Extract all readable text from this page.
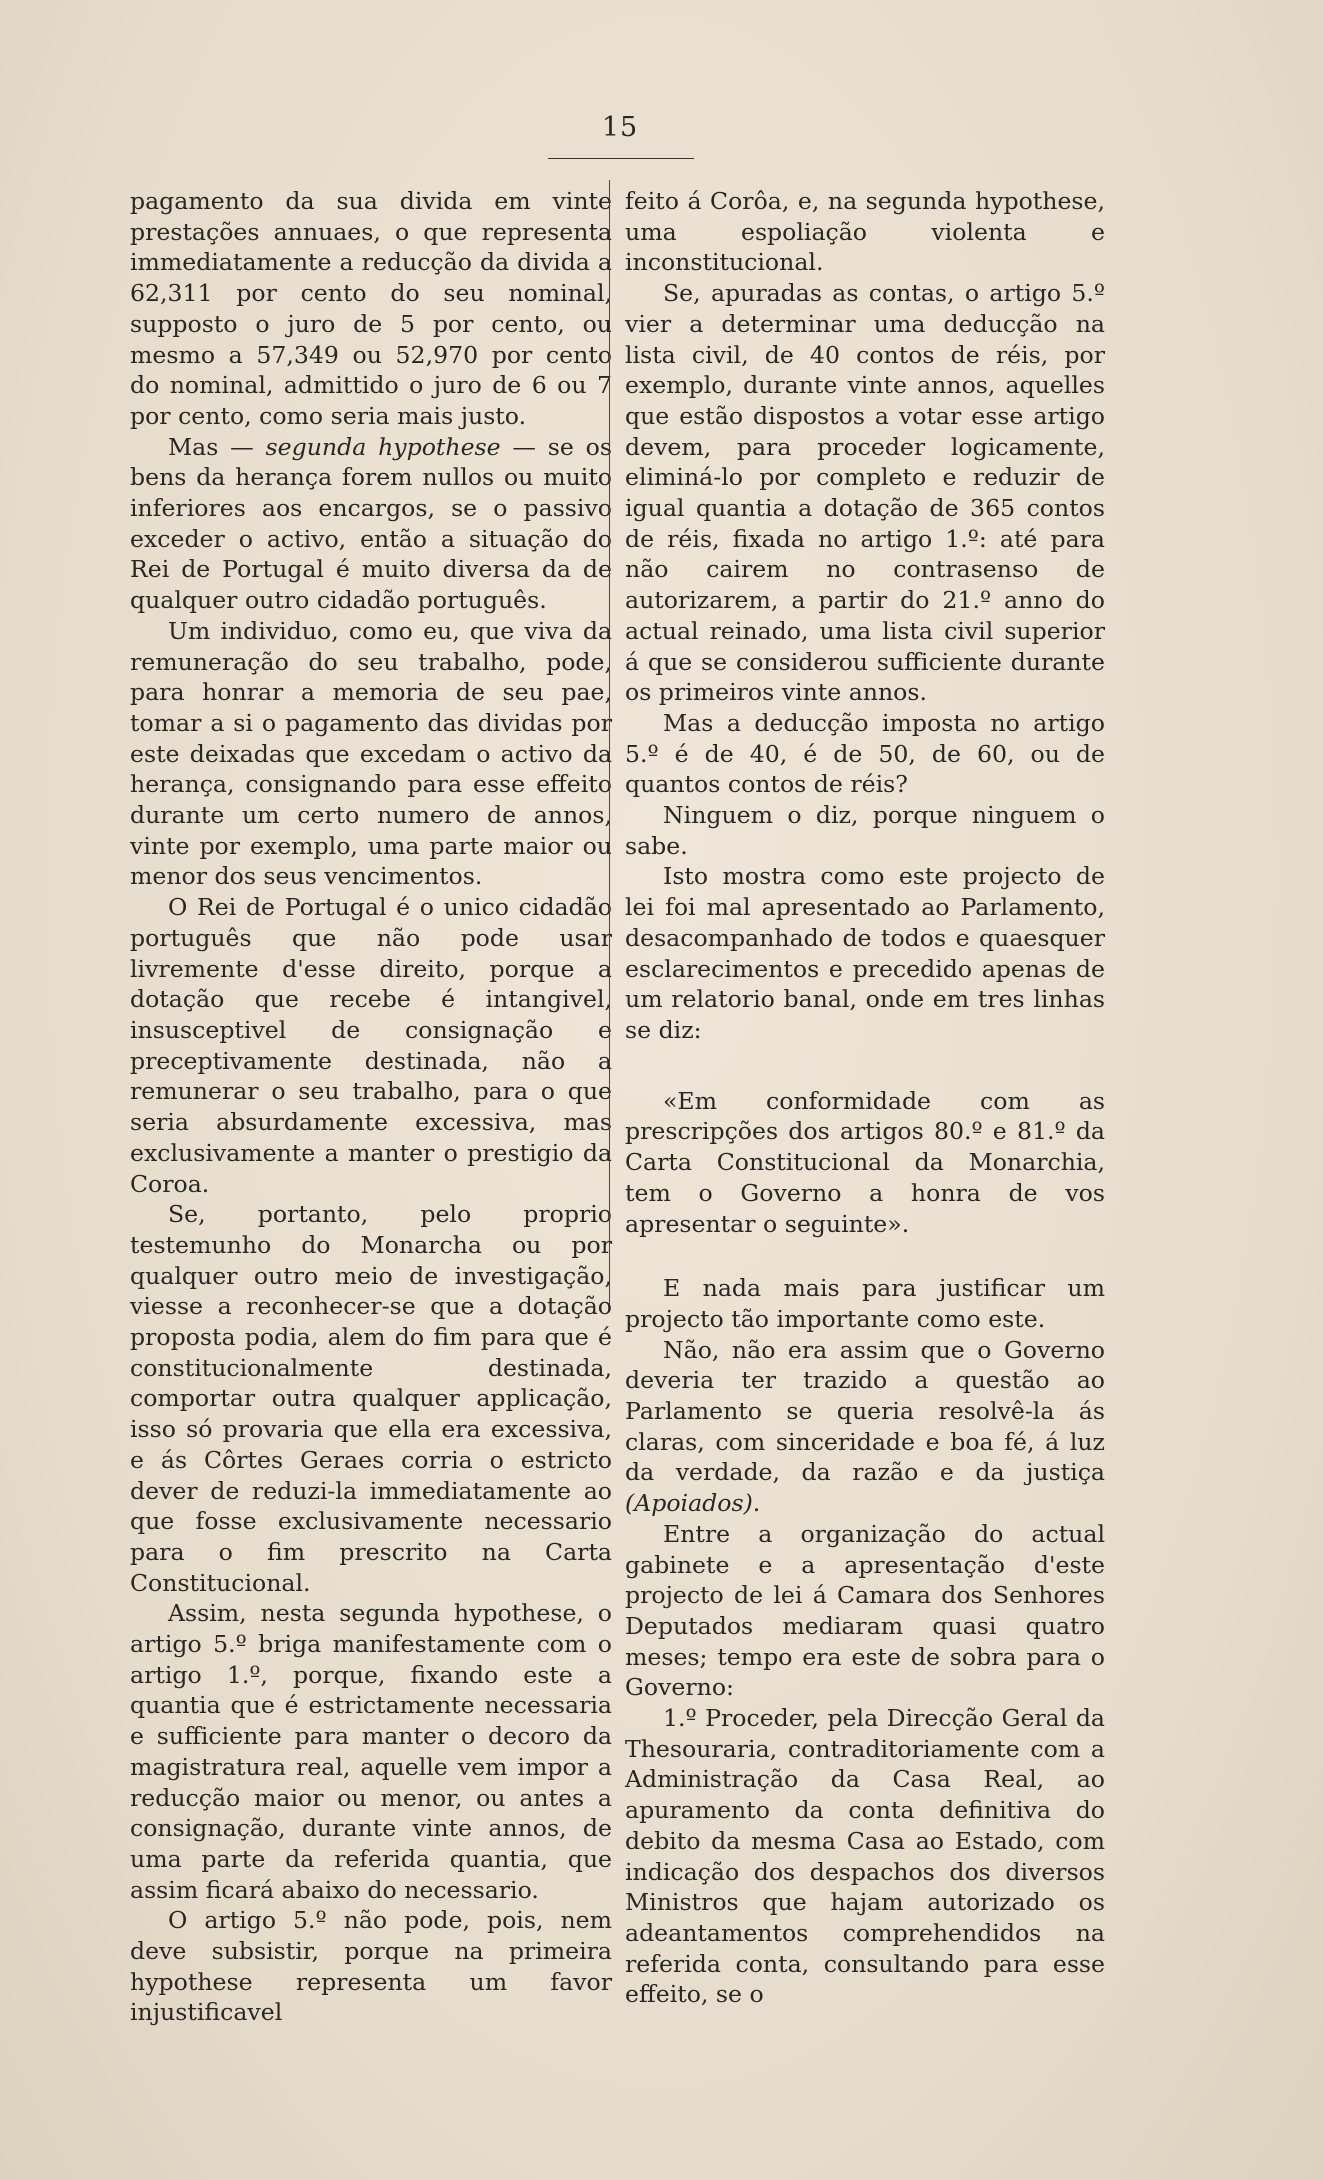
15

pagamento da sua divida em vinte prestações annuaes, o que representa immediatamente a reducção da divida a 62,311 por cento do seu nominal, supposto o juro de 5 por cento, ou mesmo a 57,349 ou 52,970 por cento do nominal, admittido o juro de 6 ou 7 por cento, como seria mais justo.

Mas — segunda hypothese — se os bens da herança forem nullos ou muito inferiores aos encargos, se o passivo exceder o activo, então a situação do Rei de Portugal é muito diversa da de qualquer outro cidadão português.

Um individuo, como eu, que viva da remuneração do seu trabalho, pode, para honrar a memoria de seu pae, tomar a si o pagamento das dividas por este deixadas que excedam o activo da herança, consignando para esse effeito durante um certo numero de annos, vinte por exemplo, uma parte maior ou menor dos seus vencimentos.

O Rei de Portugal é o unico cidadão português que não pode usar livremente d'esse direito, porque a dotação que recebe é intangivel, insusceptivel de consignação e preceptivamente destinada, não a remunerar o seu trabalho, para o que seria absurdamente excessiva, mas exclusivamente a manter o prestigio da Coroa.

Se, portanto, pelo proprio testemunho do Monarcha ou por qualquer outro meio de investigação, viesse a reconhecer-se que a dotação proposta podia, alem do fim para que é constitucionalmente destinada, comportar outra qualquer applicação, isso só provaria que ella era excessiva, e ás Côrtes Geraes corria o estricto dever de reduzi-la immediatamente ao que fosse exclusivamente necessario para o fim prescrito na Carta Constitucional.

Assim, nesta segunda hypothese, o artigo 5.º briga manifestamente com o artigo 1.º, porque, fixando este a quantia que é estrictamente necessaria e sufficiente para manter o decoro da magistratura real, aquelle vem impor a reducção maior ou menor, ou antes a consignação, durante vinte annos, de uma parte da referida quantia, que assim ficará abaixo do necessario.

O artigo 5.º não pode, pois, nem deve subsistir, porque na primeira hypothese representa um favor injustificavel

feito á Corôa, e, na segunda hypothese, uma espoliação violenta e inconstitucional.

Se, apuradas as contas, o artigo 5.º vier a determinar uma deducção na lista civil, de 40 contos de réis, por exemplo, durante vinte annos, aquelles que estão dispostos a votar esse artigo devem, para proceder logicamente, eliminá-lo por completo e reduzir de igual quantia a dotação de 365 contos de réis, fixada no artigo 1.º: até para não cairem no contrasenso de autorizarem, a partir do 21.º anno do actual reinado, uma lista civil superior á que se considerou sufficiente durante os primeiros vinte annos.

Mas a deducção imposta no artigo 5.º é de 40, é de 50, de 60, ou de quantos contos de réis?

Ninguem o diz, porque ninguem o sabe.

Isto mostra como este projecto de lei foi mal apresentado ao Parlamento, desacompanhado de todos e quaesquer esclarecimentos e precedido apenas de um relatorio banal, onde em tres linhas se diz:

«Em conformidade com as prescripções dos artigos 80.º e 81.º da Carta Constitucional da Monarchia, tem o Governo a honra de vos apresentar o seguinte».

E nada mais para justificar um projecto tão importante como este.

Não, não era assim que o Governo deveria ter trazido a questão ao Parlamento se queria resolvê-la ás claras, com sinceridade e boa fé, á luz da verdade, da razão e da justiça (Apoiados).

Entre a organização do actual gabinete e a apresentação d'este projecto de lei á Camara dos Senhores Deputados mediaram quasi quatro meses; tempo era este de sobra para o Governo:

1.º Proceder, pela Direcção Geral da Thesouraria, contraditoriamente com a Administração da Casa Real, ao apuramento da conta definitiva do debito da mesma Casa ao Estado, com indicação dos despachos dos diversos Ministros que hajam autorizado os adeantamentos comprehendidos na referida conta, consultando para esse effeito, se o
